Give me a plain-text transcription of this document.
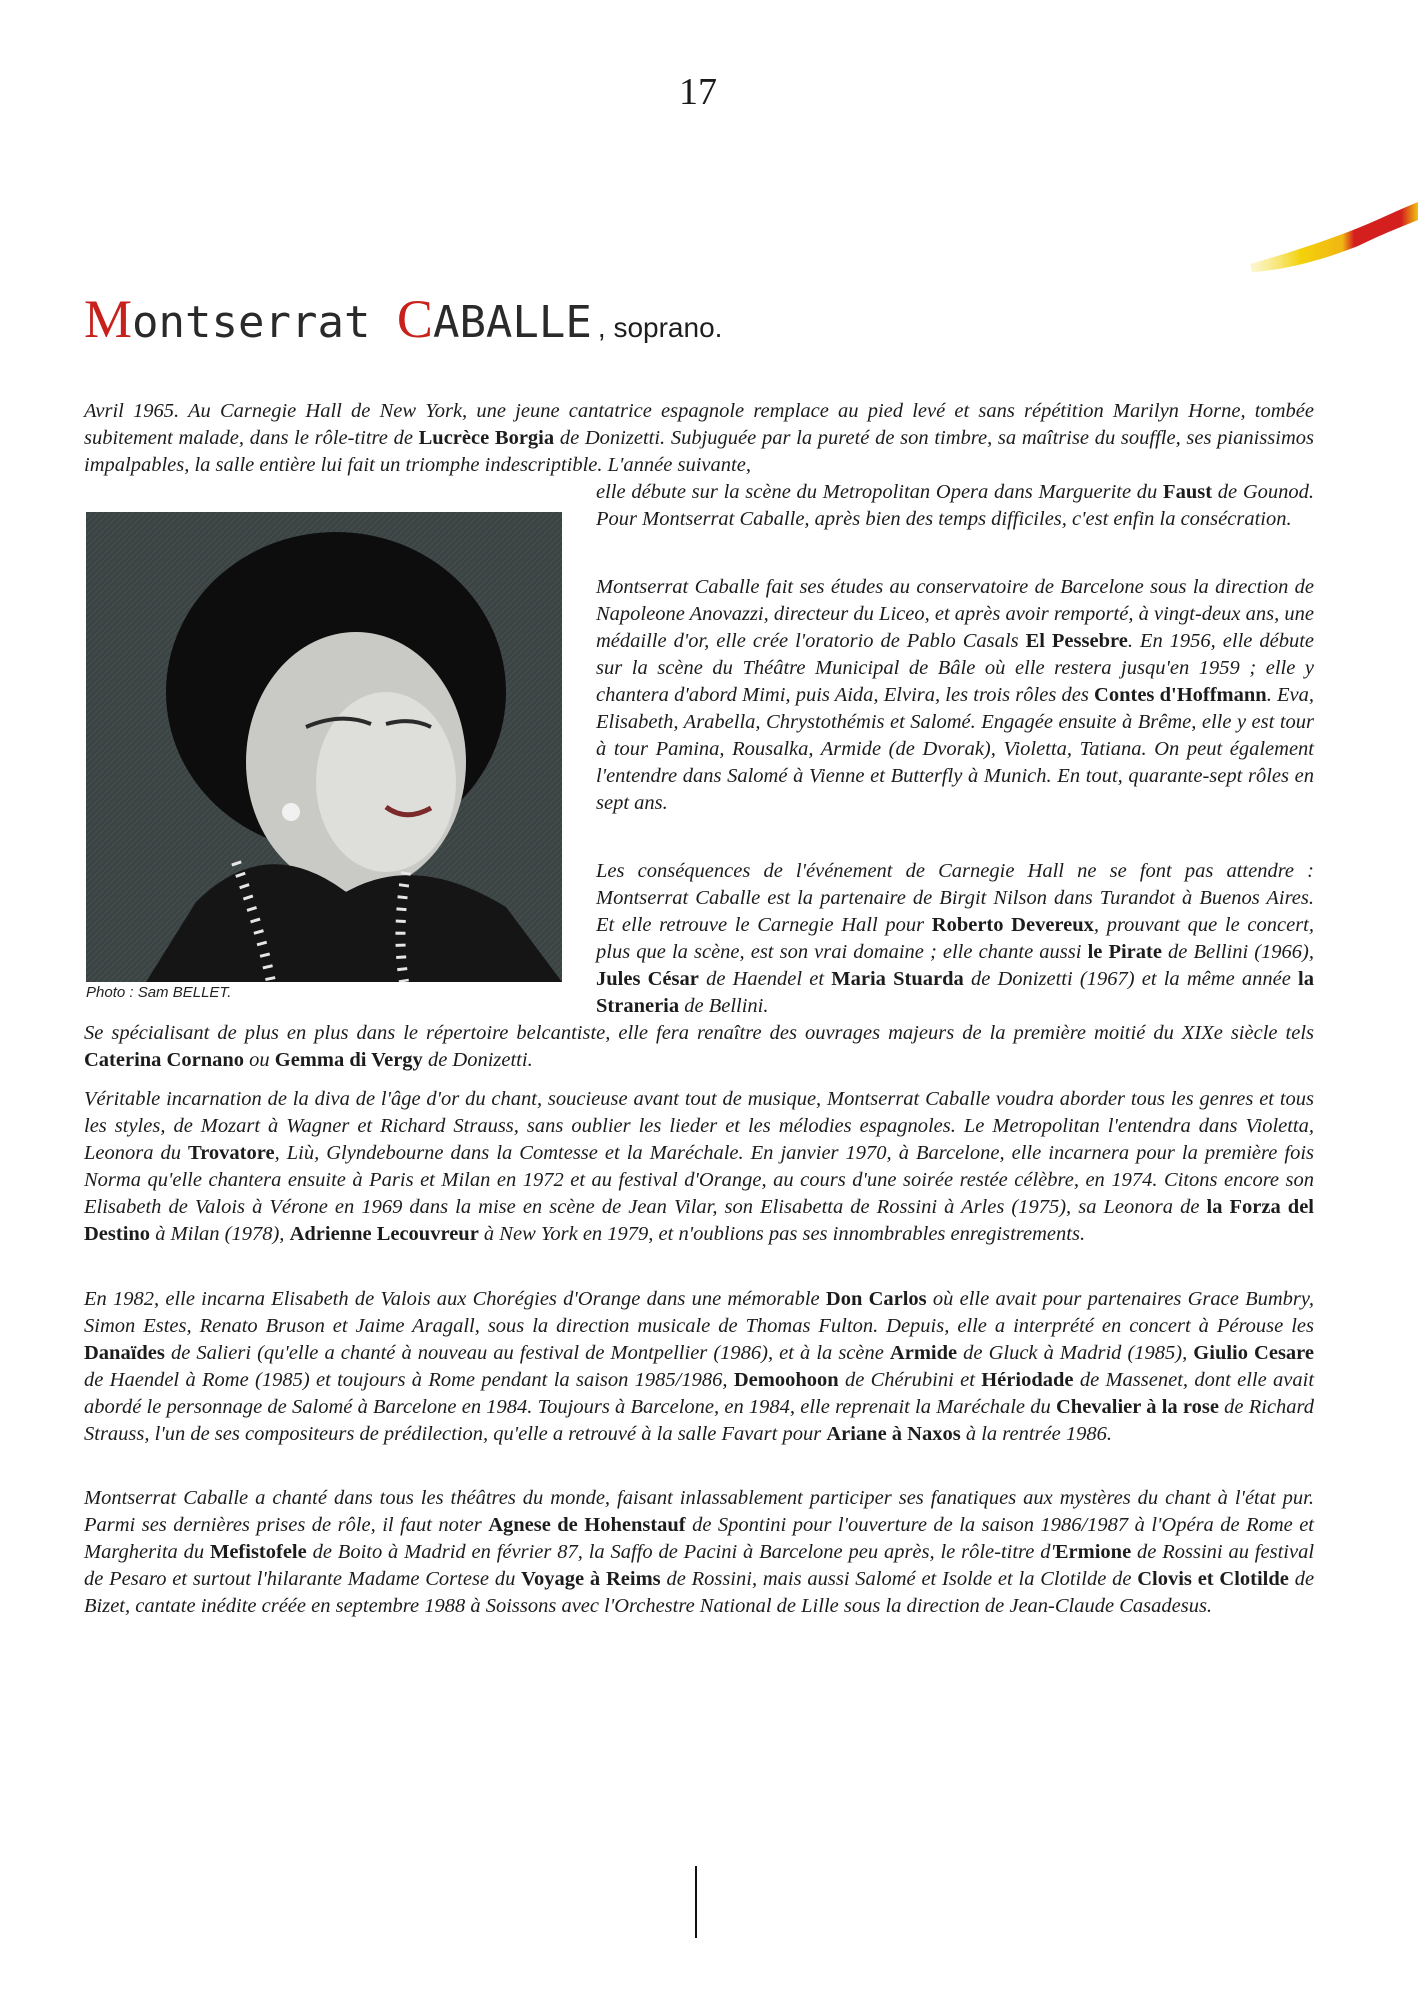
17
Montserrat CABALLE , soprano.
Avril 1965. Au Carnegie Hall de New York, une jeune cantatrice espagnole remplace au pied levé et sans répétition Marilyn Horne, tombée subitement malade, dans le rôle-titre de Lucrèce Borgia de Donizetti. Subjuguée par la pureté de son timbre, sa maîtrise du souffle, ses pianissimos impalpables, la salle entière lui fait un triomphe indescriptible. L'année suivante,
Photo : Sam BELLET.
elle débute sur la scène du Metropolitan Opera dans Marguerite du Faust de Gounod. Pour Montserrat Caballe, après bien des temps difficiles, c'est enfin la consécration.
Montserrat Caballe fait ses études au conservatoire de Barcelone sous la direction de Napoleone Anovazzi, directeur du Liceo, et après avoir remporté, à vingt-deux ans, une médaille d'or, elle crée l'oratorio de Pablo Casals El Pessebre. En 1956, elle débute sur la scène du Théâtre Municipal de Bâle où elle restera jusqu'en 1959 ; elle y chantera d'abord Mimi, puis Aida, Elvira, les trois rôles des Contes d'Hoffmann. Eva, Elisabeth, Arabella, Chrystothémis et Salomé. Engagée ensuite à Brême, elle y est tour à tour Pamina, Rousalka, Armide (de Dvorak), Violetta, Tatiana. On peut également l'entendre dans Salomé à Vienne et Butterfly à Munich. En tout, quarante-sept rôles en sept ans.
Les conséquences de l'événement de Carnegie Hall ne se font pas attendre : Montserrat Caballe est la partenaire de Birgit Nilson dans Turandot à Buenos Aires. Et elle retrouve le Carnegie Hall pour Roberto Devereux, prouvant que le concert, plus que la scène, est son vrai domaine ; elle chante aussi le Pirate de Bellini (1966), Jules César de Haendel et Maria Stuarda de Donizetti (1967) et la même année la Straneria de Bellini.
Se spécialisant de plus en plus dans le répertoire belcantiste, elle fera renaître des ouvrages majeurs de la première moitié du XIXe siècle tels Caterina Cornano ou Gemma di Vergy de Donizetti.
Véritable incarnation de la diva de l'âge d'or du chant, soucieuse avant tout de musique, Montserrat Caballe voudra aborder tous les genres et tous les styles, de Mozart à Wagner et Richard Strauss, sans oublier les lieder et les mélodies espagnoles. Le Metropolitan l'entendra dans Violetta, Leonora du Trovatore, Liù, Glyndebourne dans la Comtesse et la Maréchale. En janvier 1970, à Barcelone, elle incarnera pour la première fois Norma qu'elle chantera ensuite à Paris et Milan en 1972 et au festival d'Orange, au cours d'une soirée restée célèbre, en 1974. Citons encore son Elisabeth de Valois à Vérone en 1969 dans la mise en scène de Jean Vilar, son Elisabetta de Rossini à Arles (1975), sa Leonora de la Forza del Destino à Milan (1978), Adrienne Lecouvreur à New York en 1979, et n'oublions pas ses innombrables enregistrements.
En 1982, elle incarna Elisabeth de Valois aux Chorégies d'Orange dans une mémorable Don Carlos où elle avait pour partenaires Grace Bumbry, Simon Estes, Renato Bruson et Jaime Aragall, sous la direction musicale de Thomas Fulton. Depuis, elle a interprété en concert à Pérouse les Danaïdes de Salieri (qu'elle a chanté à nouveau au festival de Montpellier (1986), et à la scène Armide de Gluck à Madrid (1985), Giulio Cesare de Haendel à Rome (1985) et toujours à Rome pendant la saison 1985/1986, Demoohoon de Chérubini et Hériodade de Massenet, dont elle avait abordé le personnage de Salomé à Barcelone en 1984. Toujours à Barcelone, en 1984, elle reprenait la Maréchale du Chevalier à la rose de Richard Strauss, l'un de ses compositeurs de prédilection, qu'elle a retrouvé à la salle Favart pour Ariane à Naxos à la rentrée 1986.
Montserrat Caballe a chanté dans tous les théâtres du monde, faisant inlassablement participer ses fanatiques aux mystères du chant à l'état pur. Parmi ses dernières prises de rôle, il faut noter Agnese de Hohenstauf de Spontini pour l'ouverture de la saison 1986/1987 à l'Opéra de Rome et Margherita du Mefistofele de Boito à Madrid en février 87, la Saffo de Pacini à Barcelone peu après, le rôle-titre d'Ermione de Rossini au festival de Pesaro et surtout l'hilarante Madame Cortese du Voyage à Reims de Rossini, mais aussi Salomé et Isolde et la Clotilde de Clovis et Clotilde de Bizet, cantate inédite créée en septembre 1988 à Soissons avec l'Orchestre National de Lille sous la direction de Jean-Claude Casadesus.
